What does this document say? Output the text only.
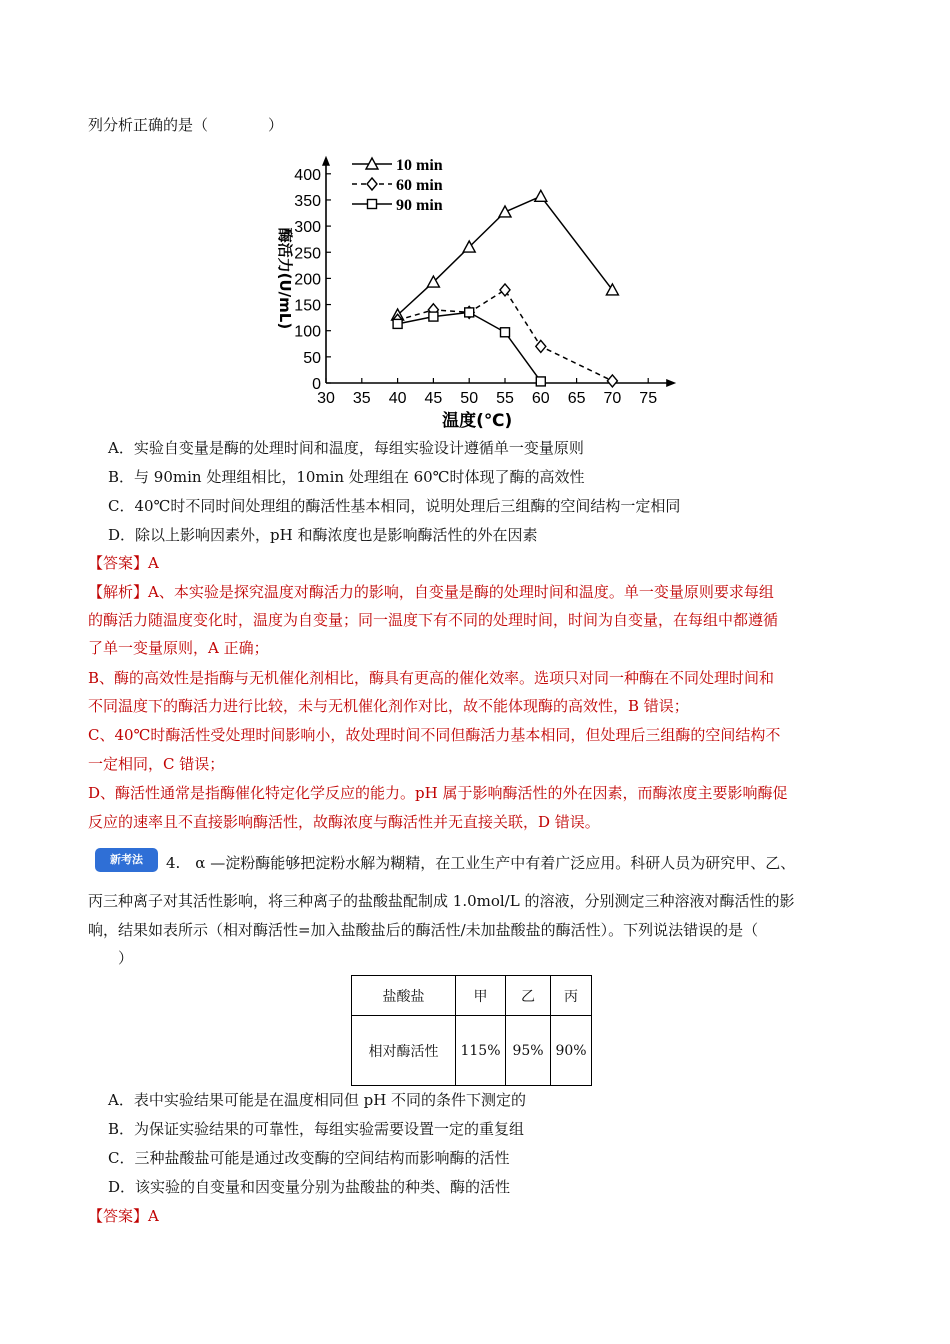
列分析正确的是（　　　　）
30 35 40 45 50 55 60 65 70 75
0
50
100
150
200
250
300
350
400
温度(℃)
酶活力(U/mL)
10 min
60 min
90 min
A．实验自变量是酶的处理时间和温度，每组实验设计遵循单一变量原则
B．与 90min 处理组相比，10min 处理组在 60℃时体现了酶的高效性
C．40℃时不同时间处理组的酶活性基本相同，说明处理后三组酶的空间结构一定相同
D．除以上影响因素外，pH 和酶浓度也是影响酶活性的外在因素
【答案】A
【解析】A、本实验是探究温度对酶活力的影响，自变量是酶的处理时间和温度。单一变量原则要求每组
的酶活力随温度变化时，温度为自变量；同一温度下有不同的处理时间，时间为自变量，在每组中都遵循
了单一变量原则，A 正确；
B、酶的高效性是指酶与无机催化剂相比，酶具有更高的催化效率。选项只对同一种酶在不同处理时间和
不同温度下的酶活力进行比较，未与无机催化剂作对比，故不能体现酶的高效性，B 错误；
C、40℃时酶活性受处理时间影响小，故处理时间不同但酶活力基本相同，但处理后三组酶的空间结构不
一定相同，C 错误；
D、酶活性通常是指酶催化特定化学反应的能力。pH 属于影响酶活性的外在因素，而酶浓度主要影响酶促
反应的速率且不直接影响酶活性，故酶浓度与酶活性并无直接关联，D 错误。
新考法	4.　α —淀粉酶能够把淀粉水解为糊精，在工业生产中有着广泛应用。科研人员为研究甲、乙、
丙三种离子对其活性影响，将三种离子的盐酸盐配制成 1.0mol/L 的溶液，分别测定三种溶液对酶活性的影
响，结果如表所示（相对酶活性=加入盐酸盐后的酶活性/未加盐酸盐的酶活性）。下列说法错误的是（
　　）
盐酸盐	甲	乙	丙
相对酶活性	115%	95%	90%
A．表中实验结果可能是在温度相同但 pH 不同的条件下测定的
B．为保证实验结果的可靠性，每组实验需要设置一定的重复组
C．三种盐酸盐可能是通过改变酶的空间结构而影响酶的活性
D．该实验的自变量和因变量分别为盐酸盐的种类、酶的活性
【答案】A
